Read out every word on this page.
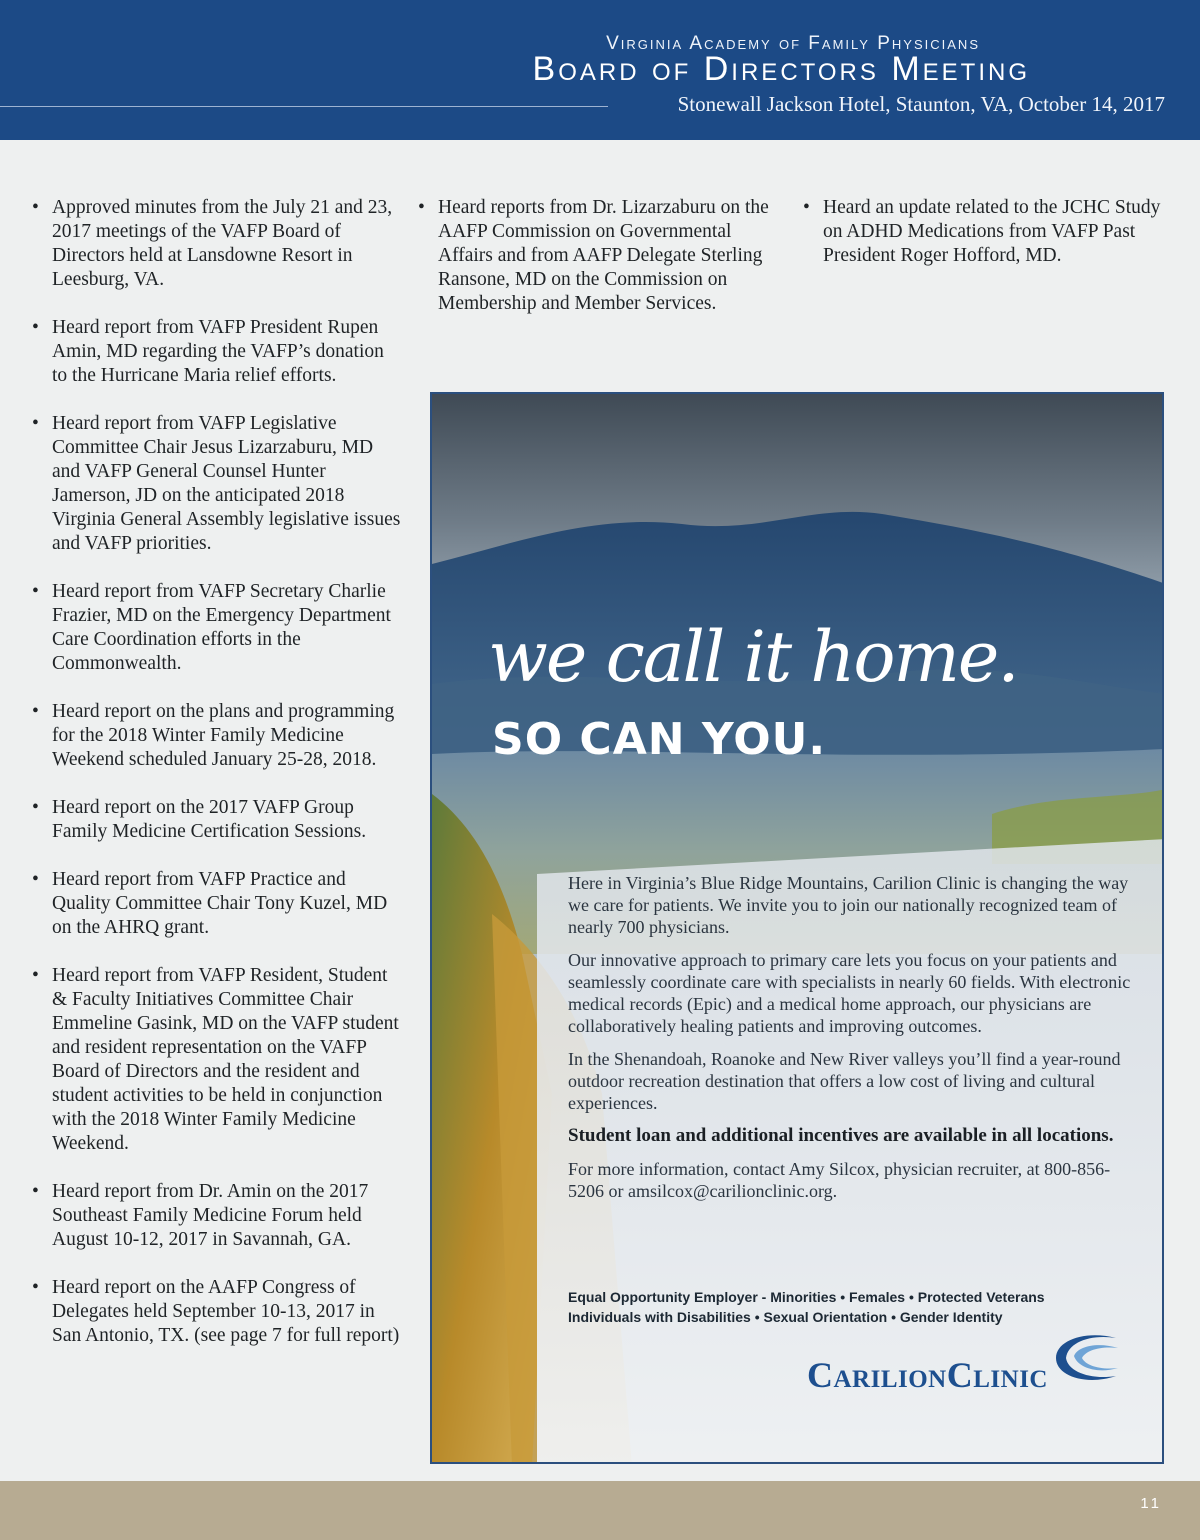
Virginia Academy of Family Physicians
Board of Directors Meeting
Stonewall Jackson Hotel, Staunton, VA, October 14, 2017
• Approved minutes from the July 21 and 23, 2017 meetings of the VAFP Board of Directors held at Lansdowne Resort in Leesburg, VA.
• Heard report from VAFP President Rupen Amin, MD regarding the VAFP’s donation to the Hurricane Maria relief efforts.
• Heard report from VAFP Legislative Committee Chair Jesus Lizarzaburu, MD and VAFP General Counsel Hunter Jamerson, JD on the anticipated 2018 Virginia General Assembly legislative issues and VAFP priorities.
• Heard report from VAFP Secretary Charlie Frazier, MD on the Emergency Department Care Coordination efforts in the Commonwealth.
• Heard report on the plans and programming for the 2018 Winter Family Medicine Weekend scheduled January 25-28, 2018.
• Heard report on the 2017 VAFP Group Family Medicine Certification Sessions.
• Heard report from VAFP Practice and Quality Committee Chair Tony Kuzel, MD on the AHRQ grant.
• Heard report from VAFP Resident, Student & Faculty Initiatives Committee Chair Emmeline Gasink, MD on the VAFP student and resident representation on the VAFP Board of Directors and the resident and student activities to be held in conjunction with the 2018 Winter Family Medicine Weekend.
• Heard report from Dr. Amin on the 2017 Southeast Family Medicine Forum held August 10-12, 2017 in Savannah, GA.
• Heard report on the AAFP Congress of Delegates held September 10-13, 2017 in San Antonio, TX. (see page 7 for full report)
• Heard reports from Dr. Lizarzaburu on the AAFP Commission on Governmental Affairs and from AAFP Delegate Sterling Ransone, MD on the Commission on Membership and Member Services.
• Heard an update related to the JCHC Study on ADHD Medications from VAFP Past President Roger Hofford, MD.
we call it home.
SO CAN YOU.

Here in Virginia’s Blue Ridge Mountains, Carilion Clinic is changing the way we care for patients. We invite you to join our nationally recognized team of nearly 700 physicians.

Our innovative approach to primary care lets you focus on your patients and seamlessly coordinate care with specialists in nearly 60 fields. With electronic medical records (Epic) and a medical home approach, our physicians are collaboratively healing patients and improving outcomes.

In the Shenandoah, Roanoke and New River valleys you’ll find a year-round outdoor recreation destination that offers a low cost of living and cultural experiences.

Student loan and additional incentives are available in all locations.

For more information, contact Amy Silcox, physician recruiter, at 800-856-5206 or amsilcox@carilionclinic.org.

Equal Opportunity Employer - Minorities • Females • Protected Veterans
Individuals with Disabilities • Sexual Orientation • Gender Identity
CarilionClinic
11
